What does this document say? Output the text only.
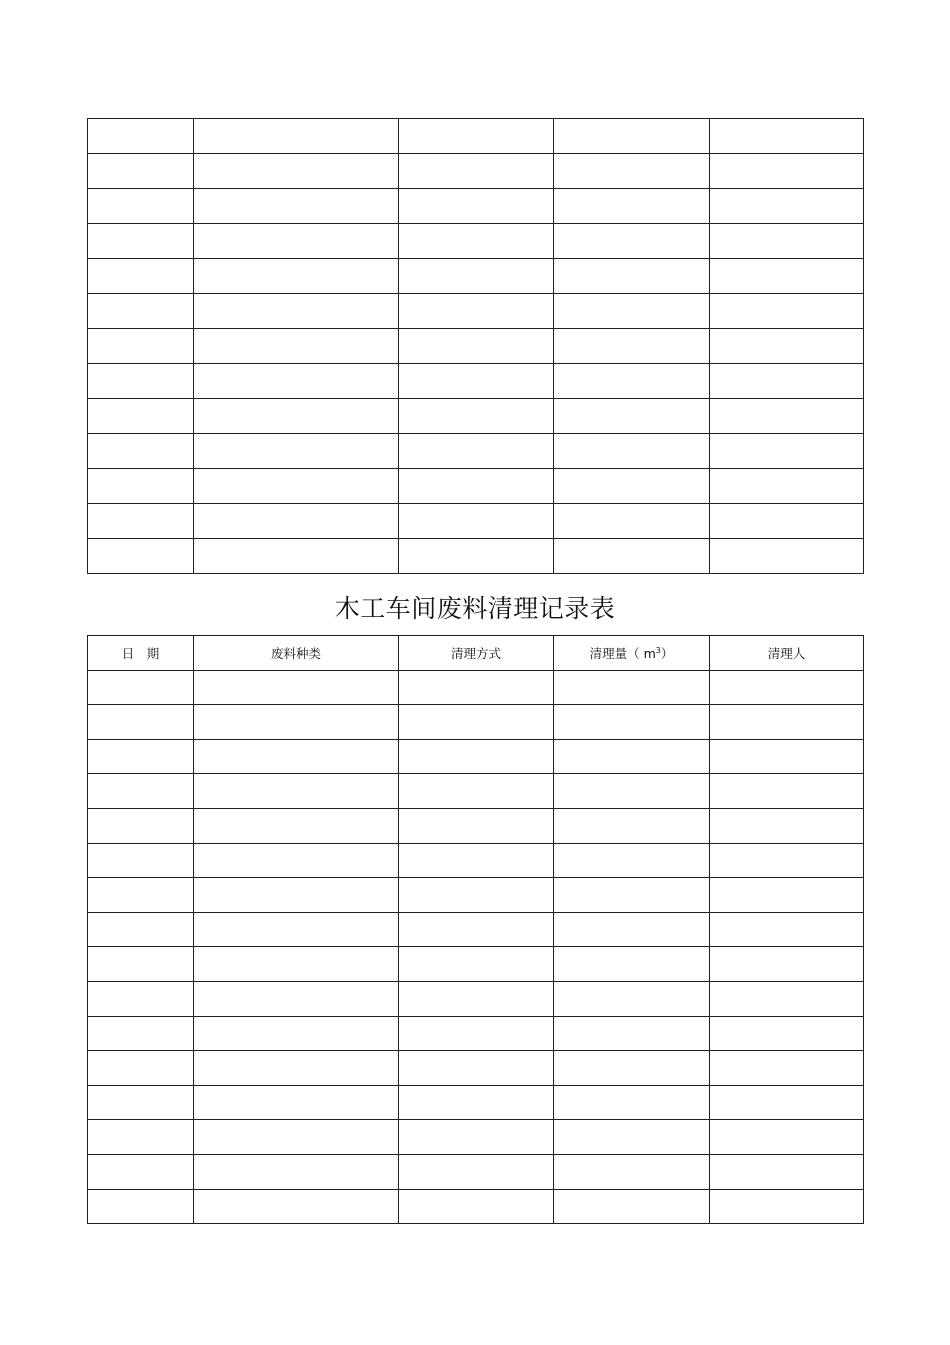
木工车间废料清理记录表
日　期	废料种类	清理方式	清理量（ $m^3$）	清理人
